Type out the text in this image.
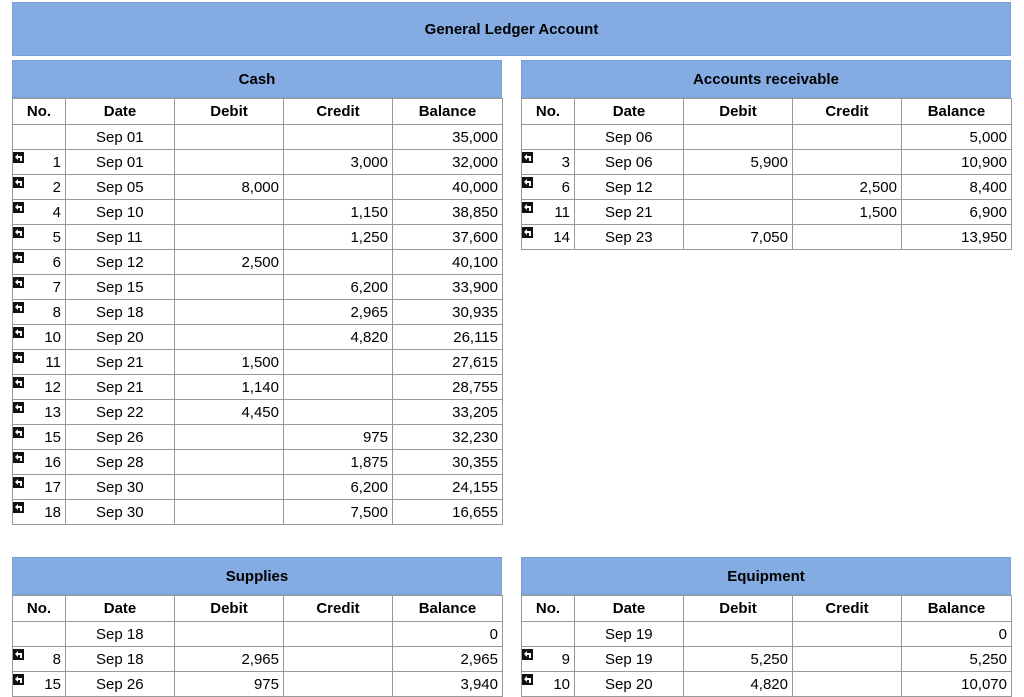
General Ledger Account
Cash
No.	Date	Debit	Credit	Balance
	Sep 01			35,000

1	Sep 01		3,000	32,000

2	Sep 05	8,000		40,000

4	Sep 10		1,150	38,850

5	Sep 11		1,250	37,600

6	Sep 12	2,500		40,100

7	Sep 15		6,200	33,900

8	Sep 18		2,965	30,935

10	Sep 20		4,820	26,115

11	Sep 21	1,500		27,615

12	Sep 21	1,140		28,755

13	Sep 22	4,450		33,205

15	Sep 26		975	32,230

16	Sep 28		1,875	30,355

17	Sep 30		6,200	24,155

18	Sep 30		7,500	16,655
Accounts receivable
No.	Date	Debit	Credit	Balance
	Sep 06			5,000

3	Sep 06	5,900		10,900

6	Sep 12		2,500	8,400

11	Sep 21		1,500	6,900

14	Sep 23	7,050		13,950
Supplies
No.	Date	Debit	Credit	Balance
	Sep 18			0

8	Sep 18	2,965		2,965

15	Sep 26	975		3,940
Equipment
No.	Date	Debit	Credit	Balance
	Sep 19			0

9	Sep 19	5,250		5,250

10	Sep 20	4,820		10,070
